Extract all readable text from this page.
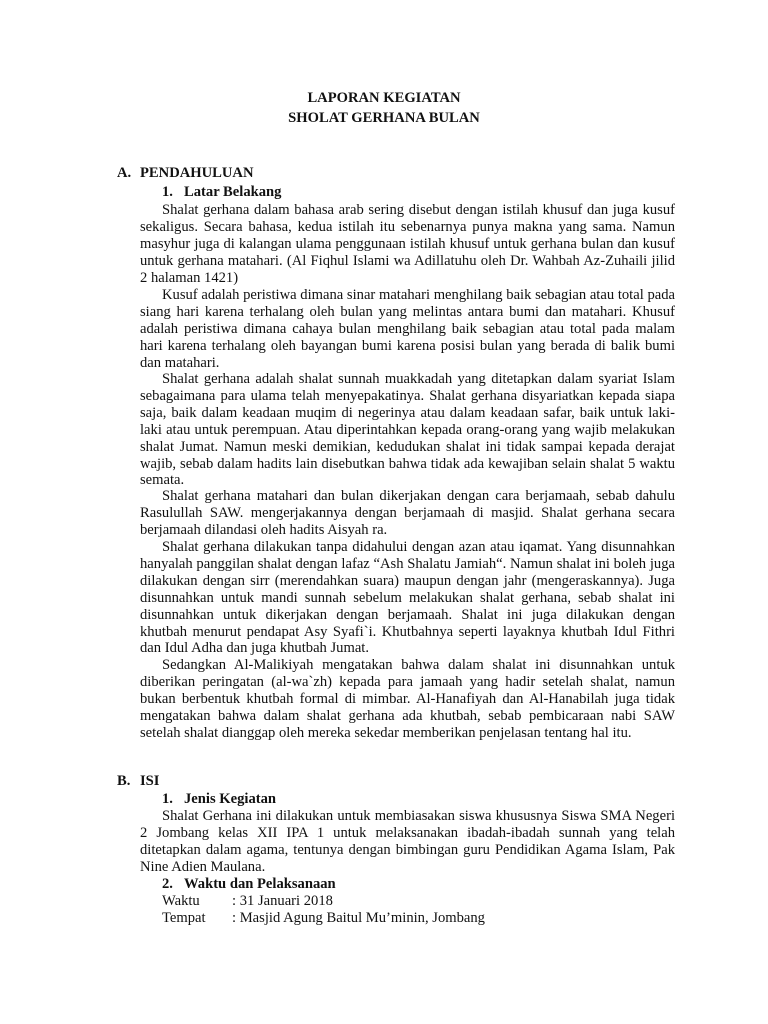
LAPORAN KEGIATAN
SHOLAT GERHANA BULAN
A. PENDAHULUAN
1. Latar Belakang

Shalat gerhana dalam bahasa arab sering disebut dengan istilah khusuf dan juga kusuf sekaligus. Secara bahasa, kedua istilah itu sebenarnya punya makna yang sama. Namun masyhur juga di kalangan ulama penggunaan istilah khusuf untuk gerhana bulan dan kusuf untuk gerhana matahari. (Al Fiqhul Islami wa Adillatuhu oleh Dr. Wahbah Az-Zuhaili jilid 2 halaman 1421)

Kusuf adalah peristiwa dimana sinar matahari menghilang baik sebagian atau total pada siang hari karena terhalang oleh bulan yang melintas antara bumi dan matahari. Khusuf adalah peristiwa dimana cahaya bulan menghilang baik sebagian atau total pada malam hari karena terhalang oleh bayangan bumi karena posisi bulan yang berada di balik bumi dan matahari.

Shalat gerhana adalah shalat sunnah muakkadah yang ditetapkan dalam syariat Islam sebagaimana para ulama telah menyepakatinya. Shalat gerhana disyariatkan kepada siapa saja, baik dalam keadaan muqim di negerinya atau dalam keadaan safar, baik untuk laki-laki atau untuk perempuan. Atau diperintahkan kepada orang-orang yang wajib melakukan shalat Jumat. Namun meski demikian, kedudukan shalat ini tidak sampai kepada derajat wajib, sebab dalam hadits lain disebutkan bahwa tidak ada kewajiban selain shalat 5 waktu semata.

Shalat gerhana matahari dan bulan dikerjakan dengan cara berjamaah, sebab dahulu Rasulullah SAW. mengerjakannya dengan berjamaah di masjid. Shalat gerhana secara berjamaah dilandasi oleh hadits Aisyah ra.

Shalat gerhana dilakukan tanpa didahului dengan azan atau iqamat. Yang disunnahkan hanyalah panggilan shalat dengan lafaz “Ash Shalatu Jamiah“. Namun shalat ini boleh juga dilakukan dengan sirr (merendahkan suara) maupun dengan jahr (mengeraskannya). Juga disunnahkan untuk mandi sunnah sebelum melakukan shalat gerhana, sebab shalat ini disunnahkan untuk dikerjakan dengan berjamaah. Shalat ini juga dilakukan dengan khutbah menurut pendapat Asy Syafi`i. Khutbahnya seperti layaknya khutbah Idul Fithri dan Idul Adha dan juga khutbah Jumat.

Sedangkan Al-Malikiyah mengatakan bahwa dalam shalat ini disunnahkan untuk diberikan peringatan (al-wa`zh) kepada para jamaah yang hadir setelah shalat, namun bukan berbentuk khutbah formal di mimbar. Al-Hanafiyah dan Al-Hanabilah juga tidak mengatakan bahwa dalam shalat gerhana ada khutbah, sebab pembicaraan nabi SAW setelah shalat dianggap oleh mereka sekedar memberikan penjelasan tentang hal itu.

B. ISI
1. Jenis Kegiatan

Shalat Gerhana ini dilakukan untuk membiasakan siswa khususnya Siswa SMA Negeri 2 Jombang kelas XII IPA 1 untuk melaksanakan ibadah-ibadah sunnah yang telah ditetapkan dalam agama, tentunya dengan bimbingan guru Pendidikan Agama Islam, Pak Nine Adien Maulana.

2. Waktu dan Pelaksanaan
Waktu : 31 Januari 2018
Tempat : Masjid Agung Baitul Mu’minin, Jombang
